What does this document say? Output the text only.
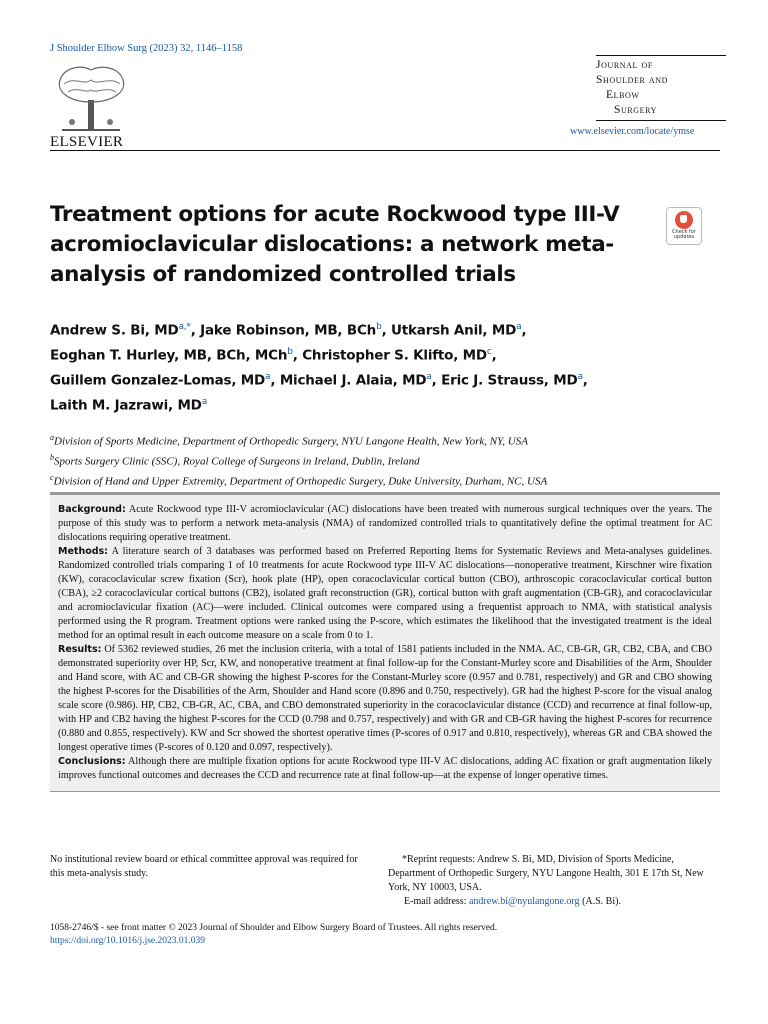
J Shoulder Elbow Surg (2023) 32, 1146–1158
ELSEVIER
Journal of
Shoulder and
Elbow
Surgery
www.elsevier.com/locate/ymse
Treatment options for acute Rockwood type III-V acromioclavicular dislocations: a network meta-analysis of randomized controlled trials
Check for updates
Andrew S. Bi, $MD^{a,*}$, Jake Robinson, MB, BCh$^b$, Utkarsh Anil, $MD^a$,
Eoghan T. Hurley, MB, BCh, MCh$^b$, Christopher S. Klifto, $MD^c$,
Guillem Gonzalez-Lomas, $MD^a$, Michael J. Alaia, $MD^a$, Eric J. Strauss, $MD^a$,
Laith M. Jazrawi, $MD^a$
$^a$Division of Sports Medicine, Department of Orthopedic Surgery, NYU Langone Health, New York, NY, USA
$^b$Sports Surgery Clinic (SSC), Royal College of Surgeons in Ireland, Dublin, Ireland
$^c$Division of Hand and Upper Extremity, Department of Orthopedic Surgery, Duke University, Durham, NC, USA

Background: Acute Rockwood type III-V acromioclavicular (AC) dislocations have been treated with numerous surgical techniques over the years. The purpose of this study was to perform a network meta-analysis (NMA) of randomized controlled trials to quantitatively define the optimal treatment for AC dislocations requiring operative treatment.

Methods: A literature search of 3 databases was performed based on Preferred Reporting Items for Systematic Reviews and Meta-analyses guidelines. Randomized controlled trials comparing 1 of 10 treatments for acute Rockwood type III-V AC dislocations—nonoperative treatment, Kirschner wire fixation (KW), coracoclavicular screw fixation (Scr), hook plate (HP), open coracoclavicular cortical button (CBO), arthroscopic coracoclavicular cortical button (CBA), ≥2 coracoclavicular cortical buttons (CB2), isolated graft reconstruction (GR), cortical button with graft augmentation (CB-GR), and coracoclavicular and acromioclavicular fixation (AC)—were included. Clinical outcomes were compared using a frequentist approach to NMA, with statistical analysis performed using the R program. Treatment options were ranked using the P-score, which estimates the likelihood that the investigated treatment is the ideal method for an optimal result in each outcome measure on a scale from 0 to 1.

Results: Of 5362 reviewed studies, 26 met the inclusion criteria, with a total of 1581 patients included in the NMA. AC, CB-GR, GR, CB2, CBA, and CBO demonstrated superiority over HP, Scr, KW, and nonoperative treatment at final follow-up for the Constant-Murley score and Disabilities of the Arm, Shoulder and Hand score, with AC and CB-GR showing the highest P-scores for the Constant-Murley score (0.957 and 0.781, respectively) and GR and CBO showing the highest P-scores for the Disabilities of the Arm, Shoulder and Hand score (0.896 and 0.750, respectively). GR had the highest P-score for the visual analog scale score (0.986). HP, CB2, CB-GR, AC, CBA, and CBO demonstrated superiority in the coracoclavicular distance (CCD) and recurrence at final follow-up, with HP and CB2 having the highest P-scores for the CCD (0.798 and 0.757, respectively) and with GR and CB-GR having the highest P-scores for recurrence (0.880 and 0.855, respectively). KW and Scr showed the shortest operative times (P-scores of 0.917 and 0.810, respectively), whereas GR and CBA showed the longest operative times (P-scores of 0.120 and 0.097, respectively).

Conclusions: Although there are multiple fixation options for acute Rockwood type III-V AC dislocations, adding AC fixation or graft augmentation likely improves functional outcomes and decreases the CCD and recurrence rate at final follow-up—at the expense of longer operative times.

No institutional review board or ethical committee approval was required for this meta-analysis study.
*Reprint requests: Andrew S. Bi, MD, Division of Sports Medicine, Department of Orthopedic Surgery, NYU Langone Health, 301 E 17th St, New York, NY 10003, USA.
E-mail address: andrew.bi@nyulangone.org (A.S. Bi).
1058-2746/$ - see front matter © 2023 Journal of Shoulder and Elbow Surgery Board of Trustees. All rights reserved.
https://doi.org/10.1016/j.jse.2023.01.039
